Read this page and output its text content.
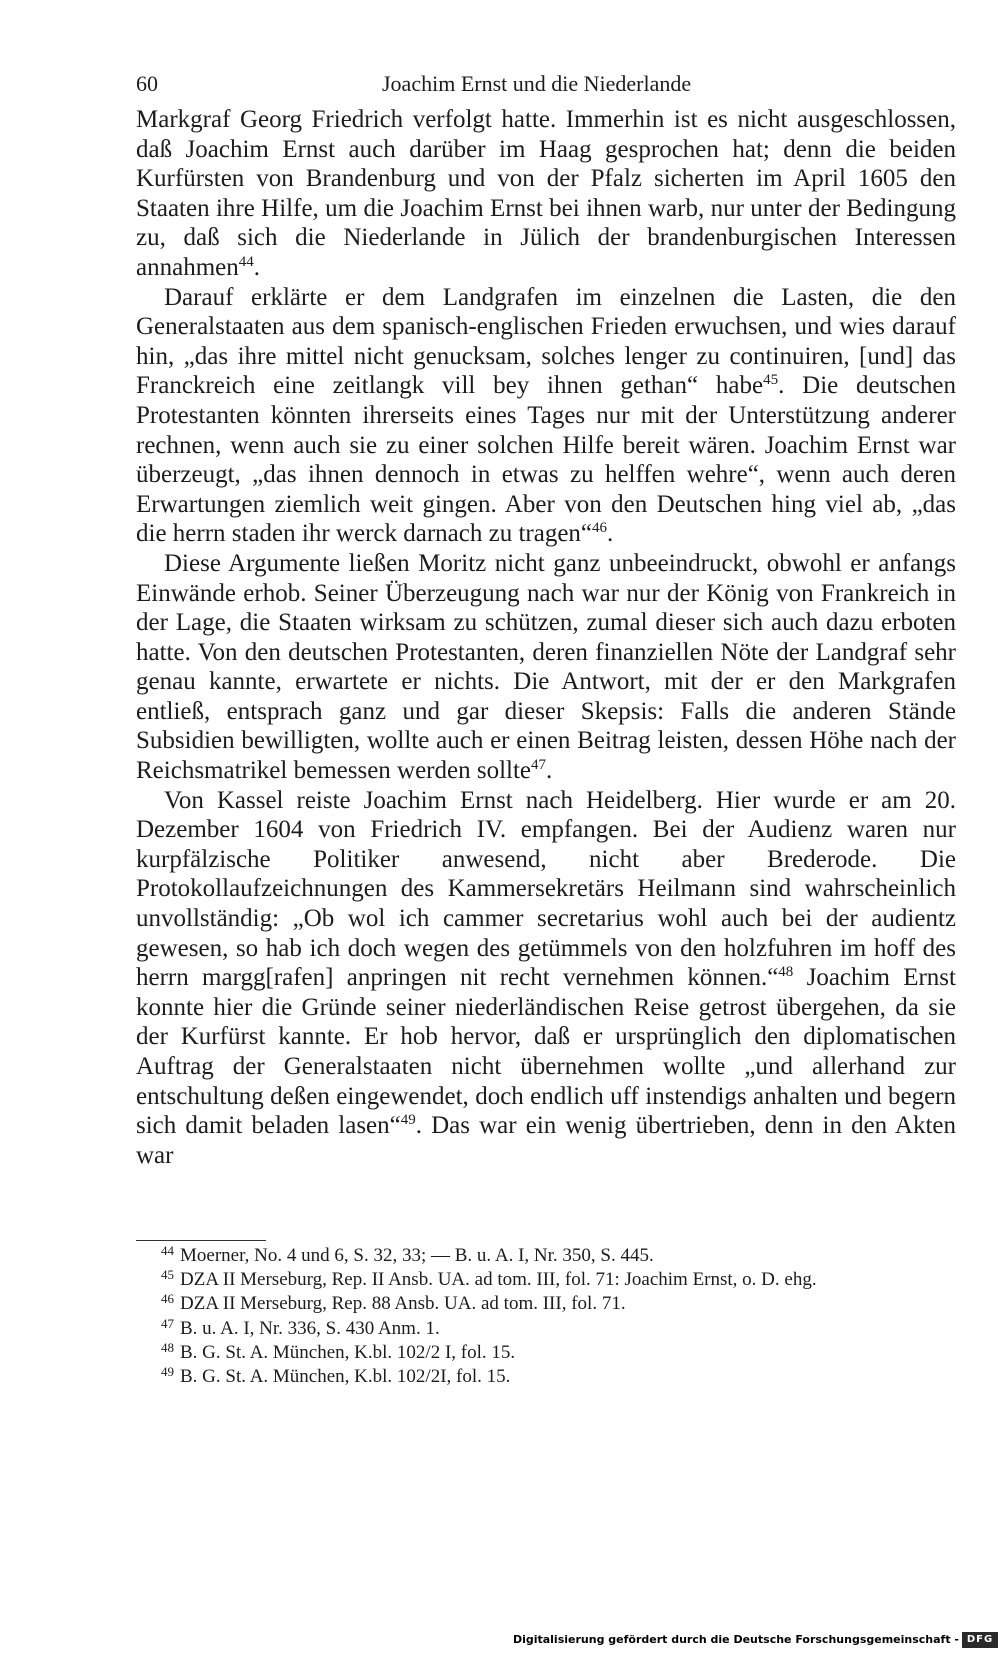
60	Joachim Ernst und die Niederlande

Markgraf Georg Friedrich verfolgt hatte. Immerhin ist es nicht ausgeschlossen, daß Joachim Ernst auch darüber im Haag gesprochen hat; denn die beiden Kurfürsten von Brandenburg und von der Pfalz sicherten im April 1605 den Staaten ihre Hilfe, um die Joachim Ernst bei ihnen warb, nur unter der Bedingung zu, daß sich die Niederlande in Jülich der brandenburgischen Interessen annahmen$^{44}$.

Darauf erklärte er dem Landgrafen im einzelnen die Lasten, die den Generalstaaten aus dem spanisch-englischen Frieden erwuchsen, und wies darauf hin, „das ihre mittel nicht genucksam, solches lenger zu continuiren, [und] das Franckreich eine zeitlangk vill bey ihnen gethan“ habe$^{45}$. Die deutschen Protestanten könnten ihrerseits eines Tages nur mit der Unterstützung anderer rechnen, wenn auch sie zu einer solchen Hilfe bereit wären. Joachim Ernst war überzeugt, „das ihnen dennoch in etwas zu helffen wehre“, wenn auch deren Erwartungen ziemlich weit gingen. Aber von den Deutschen hing viel ab, „das die herrn staden ihr werck darnach zu tragen“$^{46}$.

Diese Argumente ließen Moritz nicht ganz unbeeindruckt, obwohl er anfangs Einwände erhob. Seiner Überzeugung nach war nur der König von Frankreich in der Lage, die Staaten wirksam zu schützen, zumal dieser sich auch dazu erboten hatte. Von den deutschen Protestanten, deren finanziellen Nöte der Landgraf sehr genau kannte, erwartete er nichts. Die Antwort, mit der er den Markgrafen entließ, entsprach ganz und gar dieser Skepsis: Falls die anderen Stände Subsidien bewilligten, wollte auch er einen Beitrag leisten, dessen Höhe nach der Reichsmatrikel bemessen werden sollte$^{47}$.

Von Kassel reiste Joachim Ernst nach Heidelberg. Hier wurde er am 20. Dezember 1604 von Friedrich IV. empfangen. Bei der Audienz waren nur kurpfälzische Politiker anwesend, nicht aber Brederode. Die Protokollaufzeichnungen des Kammersekretärs Heilmann sind wahrscheinlich unvollständig: „Ob wol ich cammer secretarius wohl auch bei der audientz gewesen, so hab ich doch wegen des getümmels von den holzfuhren im hoff des herrn margg[rafen] anpringen nit recht vernehmen können.“$^{48}$ Joachim Ernst konnte hier die Gründe seiner niederländischen Reise getrost übergehen, da sie der Kurfürst kannte. Er hob hervor, daß er ursprünglich den diplomatischen Auftrag der Generalstaaten nicht übernehmen wollte „und allerhand zur entschultung deßen eingewendet, doch endlich uff instendigs anhalten und begern sich damit beladen lasen“$^{49}$. Das war ein wenig übertrieben, denn in den Akten war

44 Moerner, No. 4 und 6, S. 32, 33; — B. u. A. I, Nr. 350, S. 445.

45 DZA II Merseburg, Rep. II Ansb. UA. ad tom. III, fol. 71: Joachim Ernst, o. D. ehg.

46 DZA II Merseburg, Rep. 88 Ansb. UA. ad tom. III, fol. 71.

47 B. u. A. I, Nr. 336, S. 430 Anm. 1.

48 B. G. St. A. München, K.bl. 102/2 I, fol. 15.

49 B. G. St. A. München, K.bl. 102/2I, fol. 15.

Digitalisierung gefördert durch die Deutsche Forschungsgemeinschaft - DFG
